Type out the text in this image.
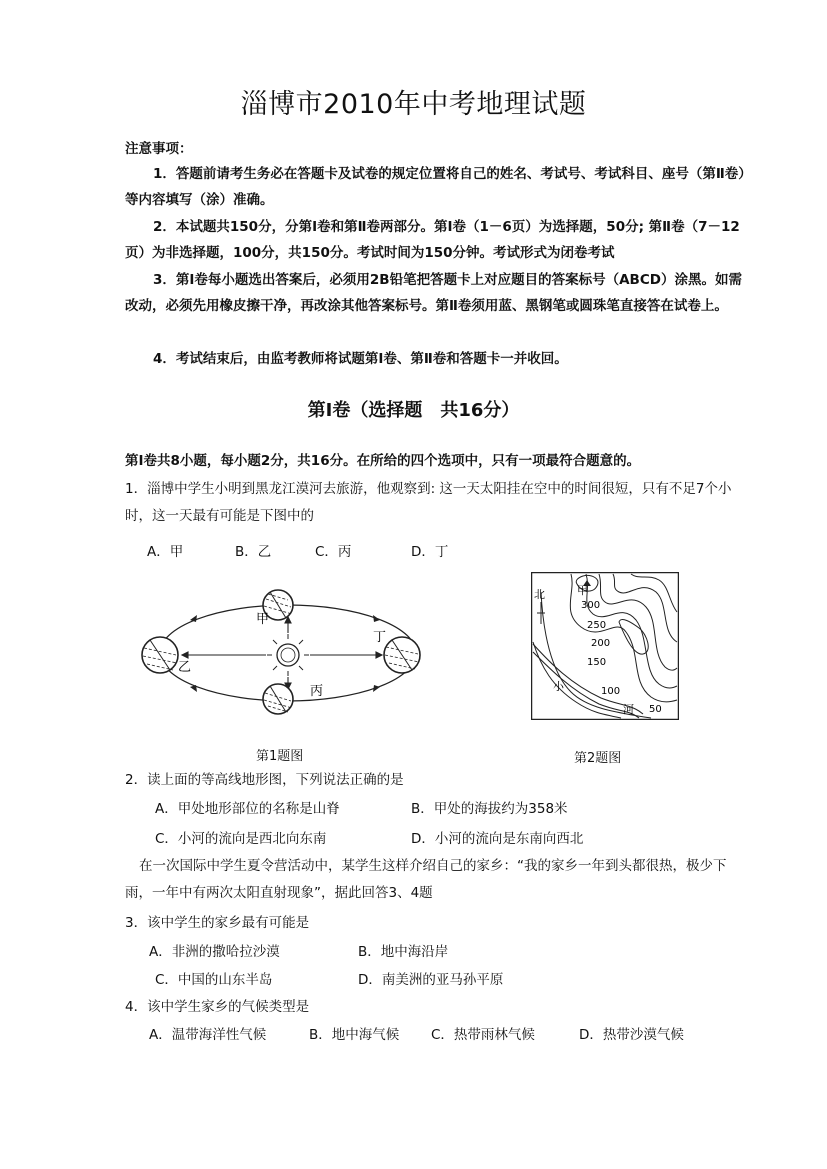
淄博市2010年中考地理试题
注意事项：
1．答题前请考生务必在答题卡及试卷的规定位置将自己的姓名、考试号、考试科目、座号（第Ⅱ卷）等内容填写（涂）准确。
2．本试题共150分，分第Ⅰ卷和第Ⅱ卷两部分。第Ⅰ卷（1－6页）为选择题，50分; 第Ⅱ卷（7－12页）为非选择题，100分，共150分。考试时间为150分钟。考试形式为闭卷考试
3．第Ⅰ卷每小题选出答案后，必须用2B铅笔把答题卡上对应题目的答案标号（ABCD）涂黑。如需改动，必须先用橡皮擦干净，再改涂其他答案标号。第Ⅱ卷须用蓝、黑钢笔或圆珠笔直接答在试卷上。
4．考试结束后，由监考教师将试题第Ⅰ卷、第Ⅱ卷和答题卡一并收回。
第Ⅰ卷（选择题　共16分）
第Ⅰ卷共8小题，每小题2分，共16分。在所给的四个选项中，只有一项最符合题意的。
1．淄博中学生小明到黑龙江漠河去旅游，他观察到: 这一天太阳挂在空中的时间很短，只有不足7个小时，这一天最有可能是下图中的
A．甲	B．乙	C．丙	D．丁
甲
乙
丙
丁
第1题图
北	甲
300
250
200
150
100
50
小
河
第2题图
2．读上面的等高线地形图，下列说法正确的是
A．甲处地形部位的名称是山脊	B．甲处的海拔约为358米
C．小河的流向是西北向东南	D．小河的流向是东南向西北
在一次国际中学生夏令营活动中，某学生这样介绍自己的家乡：“我的家乡一年到头都很热，极少下雨，一年中有两次太阳直射现象”，据此回答3、4题
3．该中学生的家乡最有可能是
A．非洲的撒哈拉沙漠	B．地中海沿岸
C．中国的山东半岛	D．南美洲的亚马孙平原
4．该中学生家乡的气候类型是
A．温带海洋性气候	B．地中海气候 C．热带雨林气候	D．热带沙漠气候
